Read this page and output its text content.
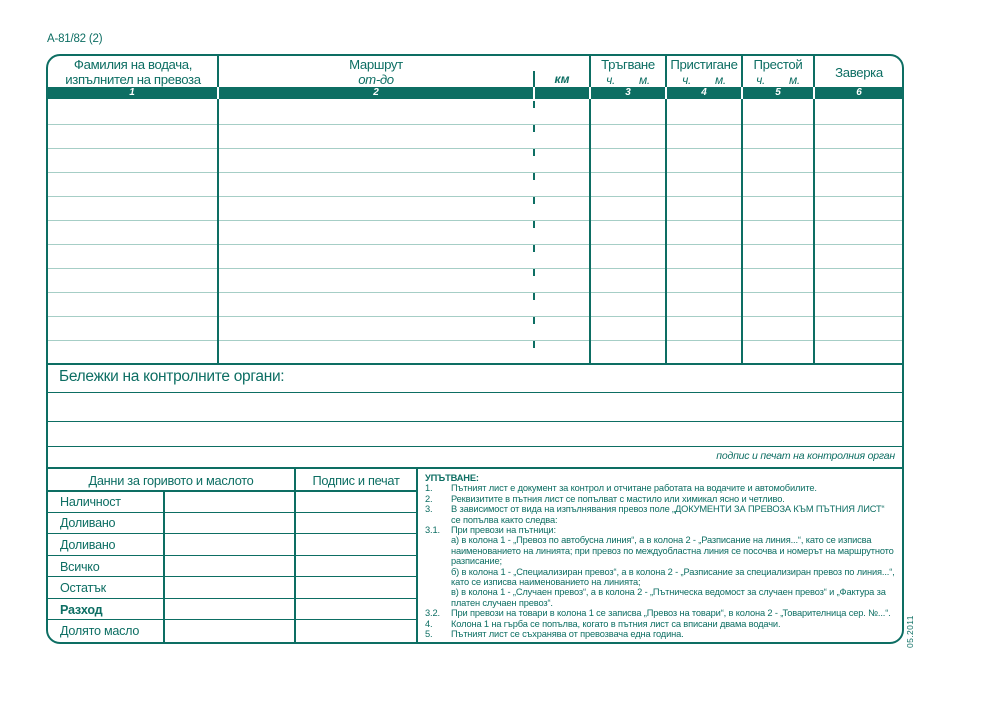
А-81/82 (2)
Фамилия на водача,
изпълнител на превоза
Маршрут
от-до	км
Тръгване
ч. м.
Пристигане
ч. м.
Престой
ч. м.	Заверка
1	2	3	4	5	6
Бележки на контролните органи:
подпис и печат на контролния орган
Данни за горивото и маслото	Подпис и печат
Наличност
Доливано
Доливано
Всичко
Остатък
Разход
Долято масло
УПЪТВАНЕ:
1.	Пътният лист е документ за контрол и отчитане работата на водачите и автомобилите.
2.	Реквизитите в пътния лист се попълват с мастило или химикал ясно и четливо.
3.	В зависимост от вида на изпълнявания превоз поле „ДОКУМЕНТИ ЗА ПРЕВОЗА КЪМ ПЪТНИЯ ЛИСТ“ се попълва както следва:
3.1.	При превози на пътници:
а) в колона 1 - „Превоз по автобусна линия“, а в колона 2 - „Разписание на линия...“, като се изписва наименованието на линията; при превоз по междуобластна линия се посочва и номерът на маршрутното разписание;
б) в колона 1 - „Специализиран превоз“, а в колона 2 - „Разписание за специализиран превоз по линия...“, като се изписва наименованието на линията;
в) в колона 1 - „Случаен превоз“, а в колона 2 - „Пътническа ведомост за случаен превоз“ и „Фактура за платен случаен превоз“.
3.2.	При превози на товари в колона 1 се записва „Превоз на товари“, в колона 2 - „Товарителница сер. №...“.
4.	Колона 1 на гърба се попълва, когато в пътния лист са вписани двама водачи.
5.	Пътният лист се съхранява от превозвача една година.	05.2011
